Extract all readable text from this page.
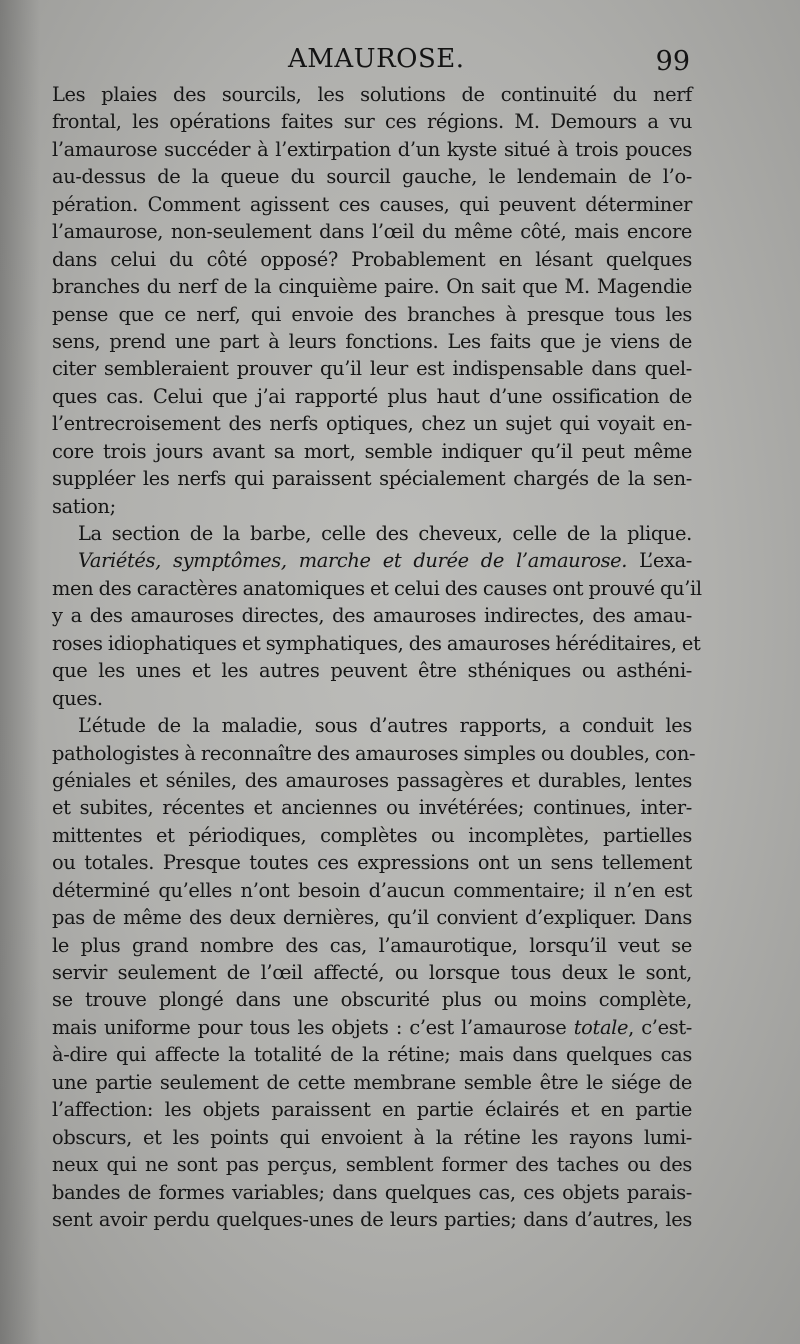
AMAUROSE.	99
Les plaies des sourcils, les solutions de continuité du nerf
frontal, les opérations faites sur ces régions. M. Demours a vu
l’amaurose succéder à l’extirpation d’un kyste situé à trois pouces
au-dessus de la queue du sourcil gauche, le lendemain de l’o-
pération. Comment agissent ces causes, qui peuvent déterminer
l’amaurose, non-seulement dans l’œil du même côté, mais encore
dans celui du côté opposé? Probablement en lésant quelques
branches du nerf de la cinquième paire. On sait que M. Magendie
pense que ce nerf, qui envoie des branches à presque tous les
sens, prend une part à leurs fonctions. Les faits que je viens de
citer sembleraient prouver qu’il leur est indispensable dans quel-
ques cas. Celui que j’ai rapporté plus haut d’une ossification de
l’entrecroisement des nerfs optiques, chez un sujet qui voyait en-
core trois jours avant sa mort, semble indiquer qu’il peut même
suppléer les nerfs qui paraissent spécialement chargés de la sen-
sation;
La section de la barbe, celle des cheveux, celle de la plique.
Variétés, symptômes, marche et durée de l’amaurose. L’exa-
men des caractères anatomiques et celui des causes ont prouvé qu’il
y a des amauroses directes, des amauroses indirectes, des amau-
roses idiophatiques et symphatiques, des amauroses héréditaires, et
que les unes et les autres peuvent être sthéniques ou asthéni-
ques.
L’étude de la maladie, sous d’autres rapports, a conduit les
pathologistes à reconnaître des amauroses simples ou doubles, con-
géniales et séniles, des amauroses passagères et durables, lentes
et subites, récentes et anciennes ou invétérées; continues, inter-
mittentes et périodiques, complètes ou incomplètes, partielles
ou totales. Presque toutes ces expressions ont un sens tellement
déterminé qu’elles n’ont besoin d’aucun commentaire; il n’en est
pas de même des deux dernières, qu’il convient d’expliquer. Dans
le plus grand nombre des cas, l’amaurotique, lorsqu’il veut se
servir seulement de l’œil affecté, ou lorsque tous deux le sont,
se trouve plongé dans une obscurité plus ou moins complète,
mais uniforme pour tous les objets : c’est l’amaurose totale, c’est-
à-dire qui affecte la totalité de la rétine; mais dans quelques cas
une partie seulement de cette membrane semble être le siége de
l’affection: les objets paraissent en partie éclairés et en partie
obscurs, et les points qui envoient à la rétine les rayons lumi-
neux qui ne sont pas perçus, semblent former des taches ou des
bandes de formes variables; dans quelques cas, ces objets parais-
sent avoir perdu quelques-unes de leurs parties; dans d’autres, les
